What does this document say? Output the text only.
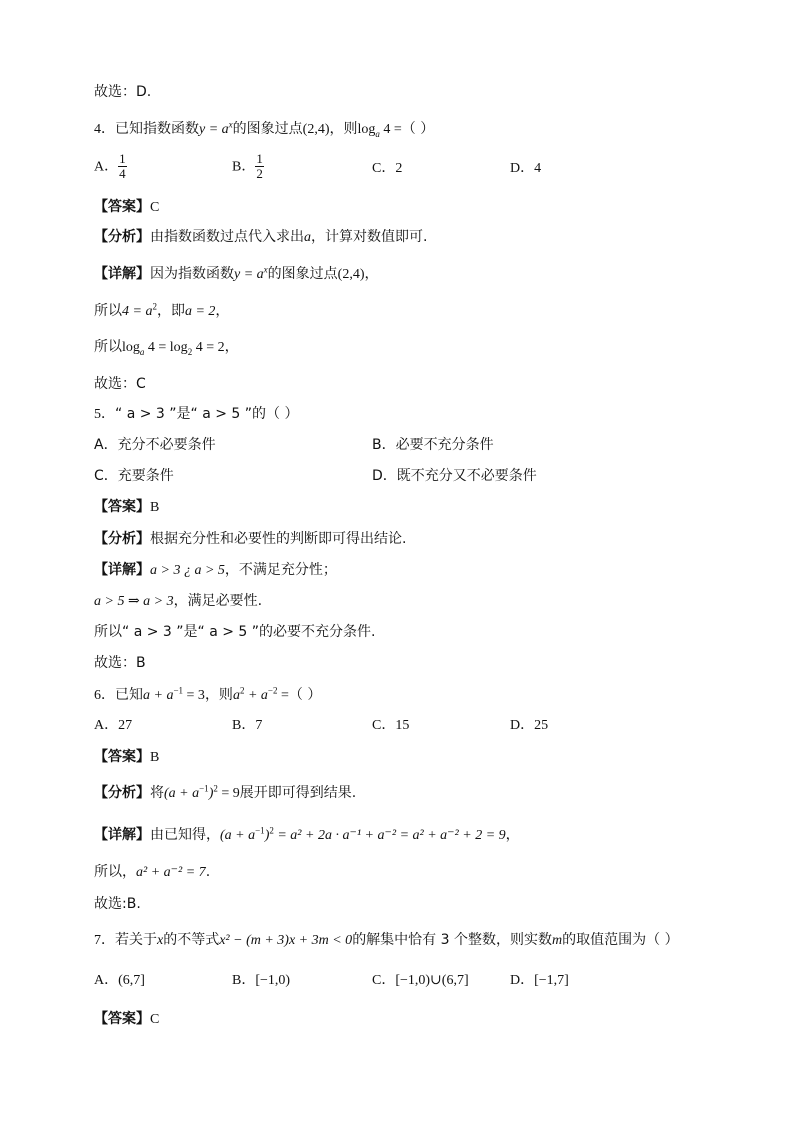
故选：D.
4．已知指数函数$y = a^x$的图象过点(2,4)，则$\log_a 4$ =（ ）
A． $\frac{1}{4}$	B． $\frac{1}{2}$	C．2	D．4
【答案】C
【分析】由指数函数过点代入求出a，计算对数值即可.
【详解】因为指数函数$y = a^x$的图象过点(2,4)，
所以$4 = a^2$，即a = 2，
所以$\log_a 4 = \log_2 4 = 2$，
故选：C
5．“ a > 3 ”是“ a > 5 ”的（ ）
A．充分不必要条件	B．必要不充分条件
C．充要条件	D．既不充分又不必要条件
【答案】B
【分析】根据充分性和必要性的判断即可得出结论.
【详解】a > 3 ¿ a > 5，不满足充分性；
a > 5 ⇒ a > 3，满足必要性.
所以“ a > 3 ”是“ a > 5 ”的必要不充分条件.
故选：B
6．已知$a + a^{-1} = 3$，则$a^2 + a^{-2}$ =（ ）
A．27	B．7	C．15	D．25
【答案】B
【分析】将$(a + a^{-1})^2 = 9$展开即可得到结果.
【详解】由已知得，$(a + a^{-1})^2 = a^2 + 2a \cdot a^{-1} + a^{-2} = a^2 + a^{-2} + 2 = 9$，
所以，a² + a⁻² = 7.
故选:B.
7．若关于x的不等式x² − (m + 3)x + 3m < 0的解集中恰有 3 个整数，则实数m的取值范围为（ ）
A．(6,7]	B．[−1,0)	C．[−1,0)∪(6,7]	D．[−1,7]
【答案】C
